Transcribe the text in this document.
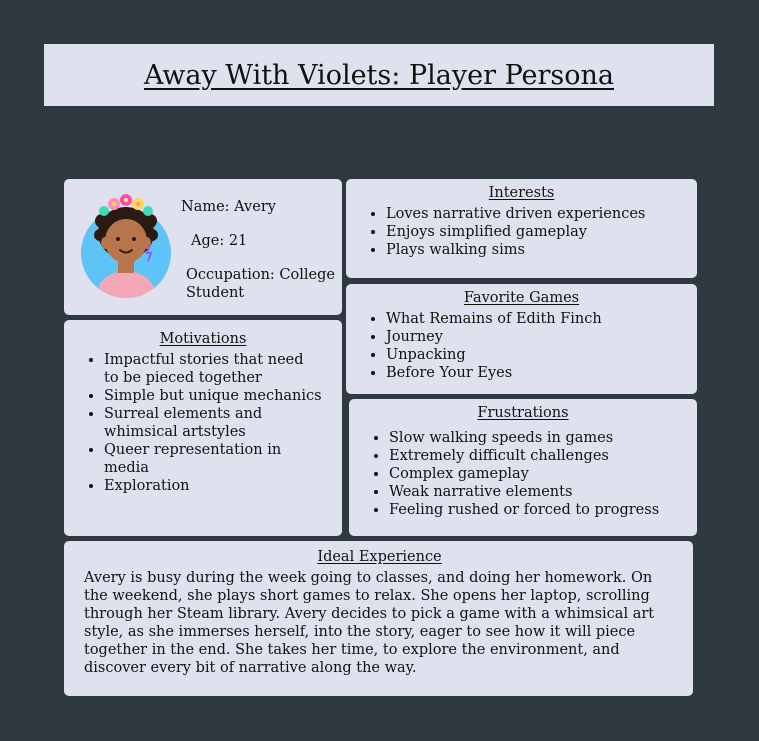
Away With Violets: Player Persona
Name: Avery
Age: 21
Occupation: College Student
Interests
• Loves narrative driven experiences
• Enjoys simplified gameplay
• Plays walking sims
Motivations
• Impactful stories that need to be pieced together
• Simple but unique mechanics
• Surreal elements and whimsical artstyles
• Queer representation in media
• Exploration
Favorite Games
• What Remains of Edith Finch
• Journey
• Unpacking
• Before Your Eyes
Frustrations
• Slow walking speeds in games
• Extremely difficult challenges
• Complex gameplay
• Weak narrative elements
• Feeling rushed or forced to progress
Ideal Experience

Avery is busy during the week going to classes, and doing her homework. On the weekend, she plays short games to relax. She opens her laptop, scrolling through her Steam library. Avery decides to pick a game with a whimsical art style, as she immerses herself, into the story, eager to see how it will piece together in the end. She takes her time, to explore the environment, and discover every bit of narrative along the way.
